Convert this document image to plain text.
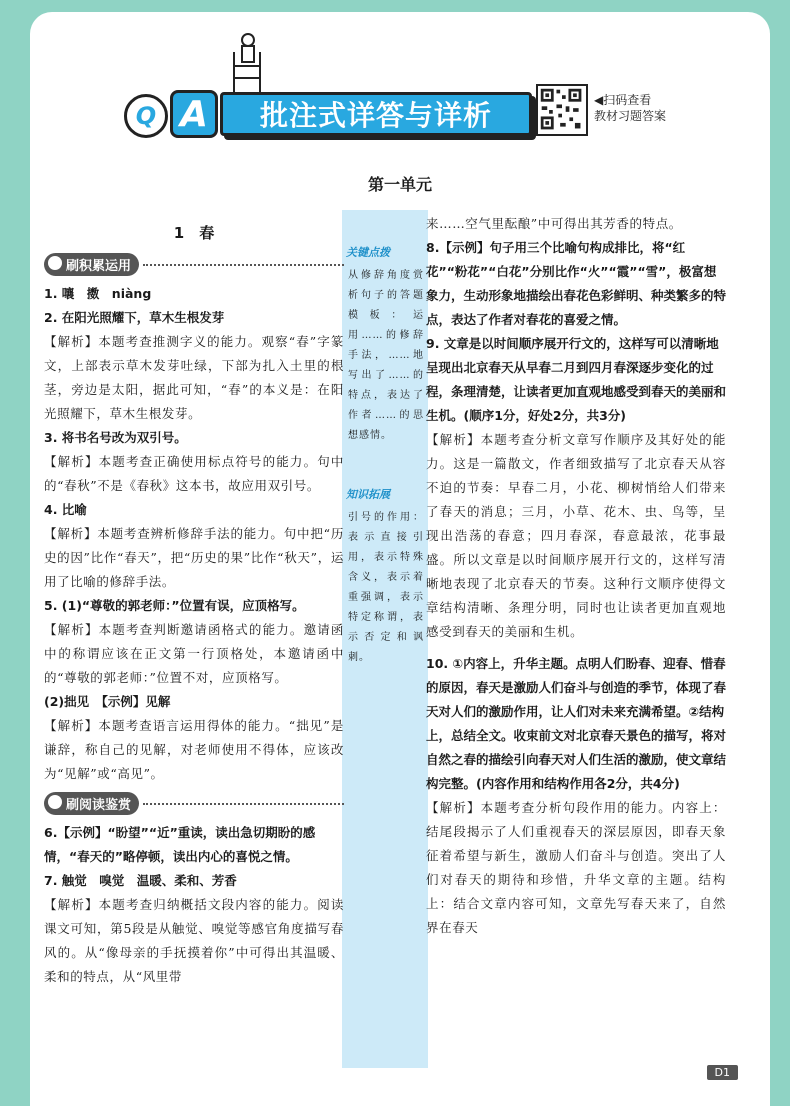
Q A	批注式详答与详析	◀扫码查看
教材习题答案
第一单元
关键点拨
从修辞角度赏析句子的答题模板：运用……的修辞手法，……地写出了……的特点，表达了作者……的思想感情。
知识拓展
引号的作用：表示直接引用，表示特殊含义，表示着重强调，表示特定称谓，表示否定和讽刺。
1　春
刷积累运用
1. 嚷　擞　niàng
2. 在阳光照耀下，草木生根发芽
【解析】本题考查推测字义的能力。观察“春”字篆文，上部表示草木发芽吐绿，下部为扎入土里的根茎，旁边是太阳，据此可知，“春”的本义是：在阳光照耀下，草木生根发芽。
3. 将书名号改为双引号。
【解析】本题考查正确使用标点符号的能力。句中的“春秋”不是《春秋》这本书，故应用双引号。
4. 比喻
【解析】本题考查辨析修辞手法的能力。句中把“历史的因”比作“春天”，把“历史的果”比作“秋天”，运用了比喻的修辞手法。
5. (1)“尊敬的郭老师：”位置有误，应顶格写。
【解析】本题考查判断邀请函格式的能力。邀请函中的称谓应该在正文第一行顶格处，本邀请函中的“尊敬的郭老师：”位置不对，应顶格写。
(2)拙见　【示例】见解
【解析】本题考查语言运用得体的能力。“拙见”是谦辞，称自己的见解，对老师使用不得体，应该改为“见解”或“高见”。
刷阅读鉴赏
6.【示例】“盼望”“近”重读，读出急切期盼的感情，“春天的”略停顿，读出内心的喜悦之情。
7. 触觉　嗅觉　温暖、柔和、芳香
【解析】本题考查归纳概括文段内容的能力。阅读课文可知，第5段是从触觉、嗅觉等感官角度描写春风的。从“像母亲的手抚摸着你”中可得出其温暖、柔和的特点，从“风里带
来……空气里酝酿”中可得出其芳香的特点。
8.【示例】句子用三个比喻句构成排比，将“红花”“粉花”“白花”分别比作“火”“霞”“雪”，极富想象力，生动形象地描绘出春花色彩鲜明、种类繁多的特点，表达了作者对春花的喜爱之情。
9. 文章是以时间顺序展开行文的，这样写可以清晰地呈现出北京春天从早春二月到四月春深逐步变化的过程，条理清楚，让读者更加直观地感受到春天的美丽和生机。(顺序1分，好处2分，共3分)
【解析】本题考查分析文章写作顺序及其好处的能力。这是一篇散文，作者细致描写了北京春天从容不迫的节奏：早春二月，小花、柳树悄给人们带来了春天的消息；三月，小草、花木、虫、鸟等，呈现出浩荡的春意；四月春深，春意最浓，花事最盛。所以文章是以时间顺序展开行文的，这样写清晰地表现了北京春天的节奏。这种行文顺序使得文章结构清晰、条理分明，同时也让读者更加直观地感受到春天的美丽和生机。
10. ①内容上，升华主题。点明人们盼春、迎春、惜春的原因，春天是激励人们奋斗与创造的季节，体现了春天对人们的激励作用，让人们对未来充满希望。②结构上，总结全文。收束前文对北京春天景色的描写，将对自然之春的描绘引向春天对人们生活的激励，使文章结构完整。(内容作用和结构作用各2分，共4分)
【解析】本题考查分析句段作用的能力。内容上：结尾段揭示了人们重视春天的深层原因，即春天象征着希望与新生，激励人们奋斗与创造。突出了人们对春天的期待和珍惜，升华文章的主题。结构上：结合文章内容可知，文章先写春天来了，自然界在春天
D1
